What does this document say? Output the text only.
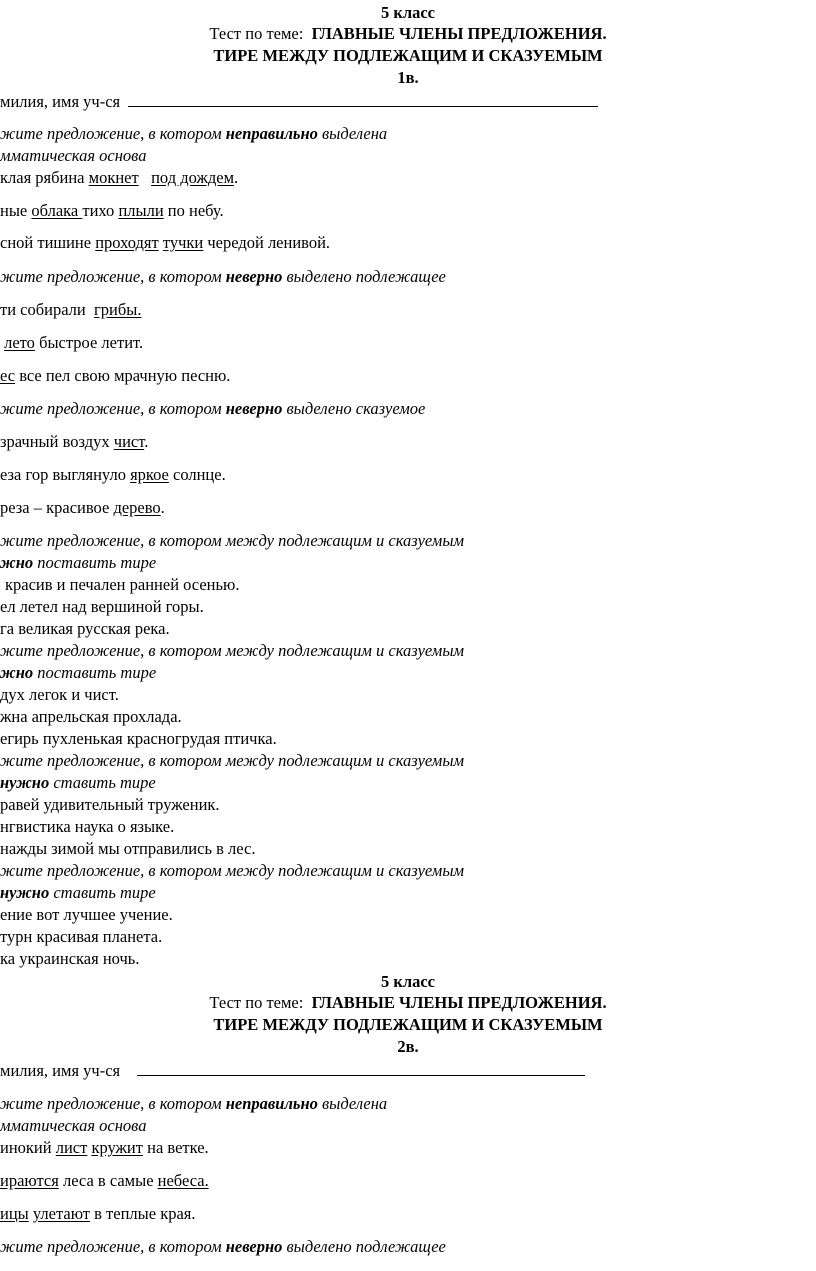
5 класс
Тест по теме: ГЛАВНЫЕ ЧЛЕНЫ ПРЕДЛОЖЕНИЯ.
ТИРЕ МЕЖДУ ПОДЛЕЖАЩИМ И СКАЗУЕМЫМ
1в.
милия, имя уч-ся
жите предложение, в котором неправильно выделена
мматическая основа
клая рябина мокнет под дождем.
ные облака тихо плыли по небу.
сной тишине проходят тучки чередой ленивой.
жите предложение, в котором неверно выделено подлежащее
ти собирали  грибы.
лето быстрое летит.
ес все пел свою мрачную песню.
жите предложение, в котором неверно выделено сказуемое
зрачный воздух чист.
еза гор выглянуло яркое солнце.
реза – красивое дерево.
жите предложение, в котором между подлежащим и сказуемым
жно поставить тире
красив и печален ранней осенью.
ел летел над вершиной горы.
га великая русская река.
жите предложение, в котором между подлежащим и сказуемым
жно поставить тире
дух легок и чист.
жна апрельская прохлада.
егирь пухленькая красногрудая птичка.
жите предложение, в котором между подлежащим и сказуемым
нужно ставить тире
равей удивительный труженик.
нгвистика наука о языке.
нажды зимой мы отправились в лес.
жите предложение, в котором между подлежащим и сказуемым
нужно ставить тире
ение вот лучшее учение.
турн красивая планета.
ка украинская ночь.
5 класс
Тест по теме: ГЛАВНЫЕ ЧЛЕНЫ ПРЕДЛОЖЕНИЯ.
ТИРЕ МЕЖДУ ПОДЛЕЖАЩИМ И СКАЗУЕМЫМ
2в.
милия, имя уч-ся
жите предложение, в котором неправильно выделена
мматическая основа
инокий лист кружит на ветке.
ираются леса в самые небеса.
ицы улетают в теплые края.
жите предложение, в котором неверно выделено подлежащее
